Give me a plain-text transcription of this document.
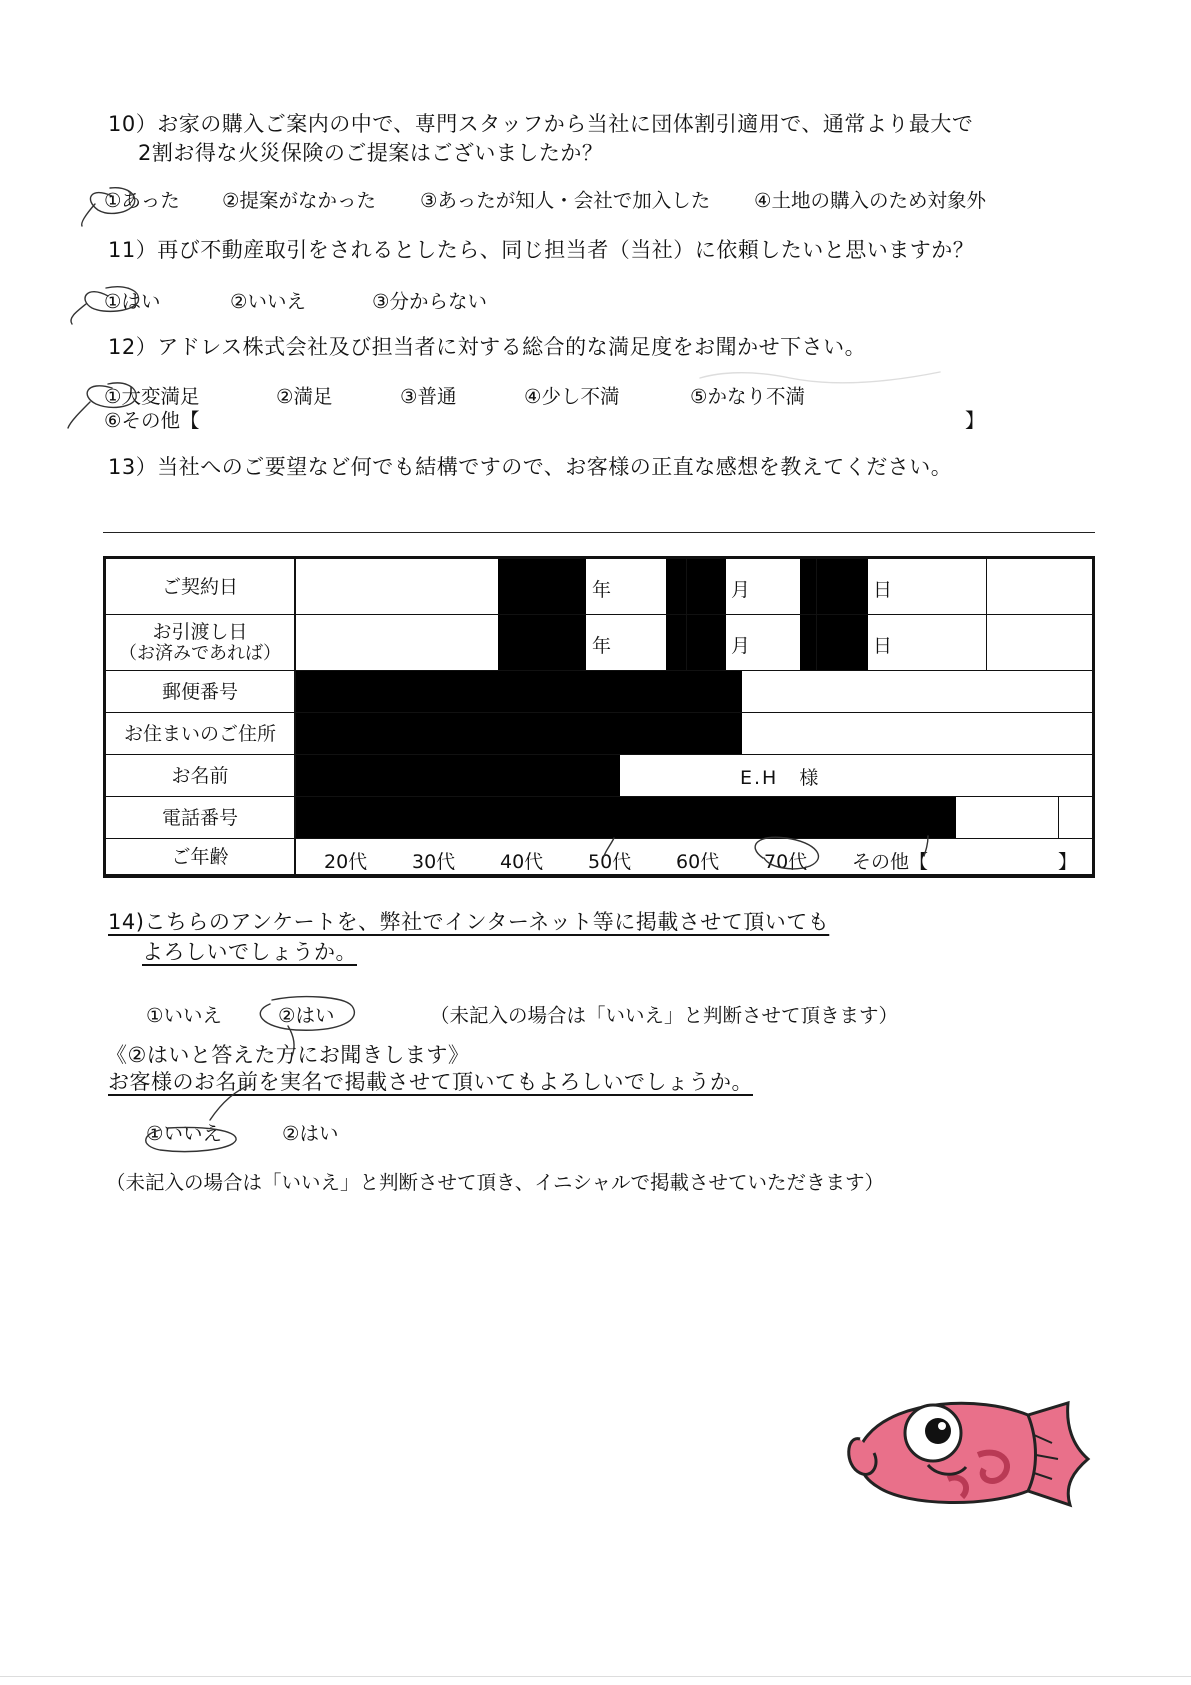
10）お家の購入ご案内の中で、専門スタッフから当社に団体割引適用で、通常より最大で
2割お得な火災保険のご提案はございましたか？
①あった ②提案がなかった ③あったが知人・会社で加入した ④土地の購入のため対象外
11）再び不動産取引をされるとしたら、同じ担当者（当社）に依頼したいと思いますか？
①はい	②いいえ	③分からない
12）アドレス株式会社及び担当者に対する総合的な満足度をお聞かせ下さい。
①大変満足	②満足	③普通	④少し不満	⑤かなり不満
⑥その他【	】
13）当社へのご要望など何でも結構ですので、お客様の正直な感想を教えてください。
ご契約日	年	月	日
お引渡し日
（お済みであれば）	年	月	日
郵便番号
お住まいのご住所
お名前	E.H　様
電話番号
ご年齢	20代 30代 40代 50代 60代 70代 その他【	】
14)こちらのアンケートを、弊社でインターネット等に掲載させて頂いても
よろしいでしょうか。
①いいえ	②はい	（未記入の場合は「いいえ」と判断させて頂きます）
《②はいと答えた方にお聞きします》
お客様のお名前を実名で掲載させて頂いてもよろしいでしょうか。
①いいえ	②はい
（未記入の場合は「いいえ」と判断させて頂き、イニシャルで掲載させていただきます）
